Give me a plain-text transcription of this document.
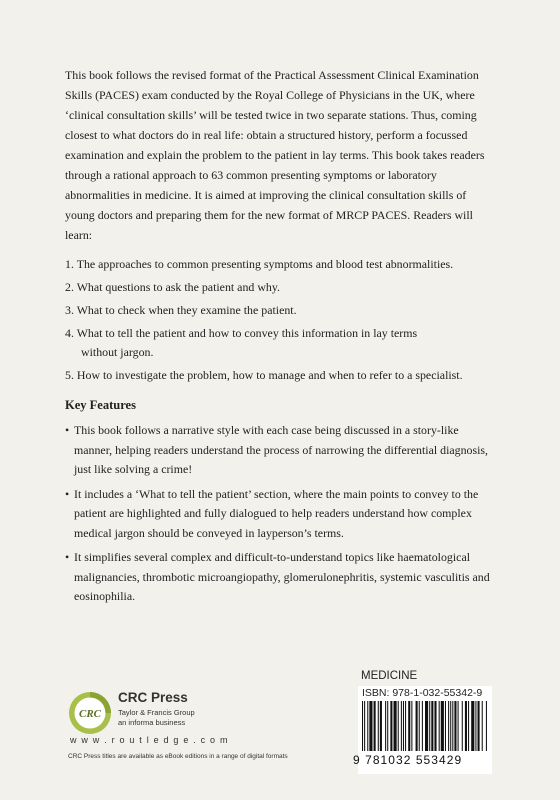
This book follows the revised format of the Practical Assessment Clinical Examination Skills (PACES) exam conducted by the Royal College of Physicians in the UK, where ‘clinical consultation skills’ will be tested twice in two separate stations. Thus, coming closest to what doctors do in real life: obtain a structured history, perform a focussed examination and explain the problem to the patient in lay terms. This book takes readers through a rational approach to 63 common presenting symptoms or laboratory abnormalities in medicine. It is aimed at improving the clinical consultation skills of young doctors and preparing them for the new format of MRCP PACES. Readers will learn:

1. The approaches to common presenting symptoms and blood test abnormalities.
2. What questions to ask the patient and why.
3. What to check when they examine the patient.
4. What to tell the patient and how to convey this information in lay terms
without jargon.
5. How to investigate the problem, how to manage and when to refer to a specialist.
Key Features
• This book follows a narrative style with each case being discussed in a story-like manner, helping readers understand the process of narrowing the differential diagnosis, just like solving a crime!
• It includes a ‘What to tell the patient’ section, where the main points to convey to the patient are highlighted and fully dialogued to help readers understand how complex medical jargon should be conveyed in layperson’s terms.
• It simplifies several complex and difficult-to-understand topics like haematological malignancies, thrombotic microangiopathy, glomerulonephritis, systemic vasculitis and eosinophilia.
CRC
CRC Press
Taylor & Francis Group
an informa business
w w w . r o u t l e d g e . c o m
CRC Press titles are available as eBook editions in a range of digital formats
MEDICINE
ISBN: 978-1-032-55342-9
9 781032 553429
